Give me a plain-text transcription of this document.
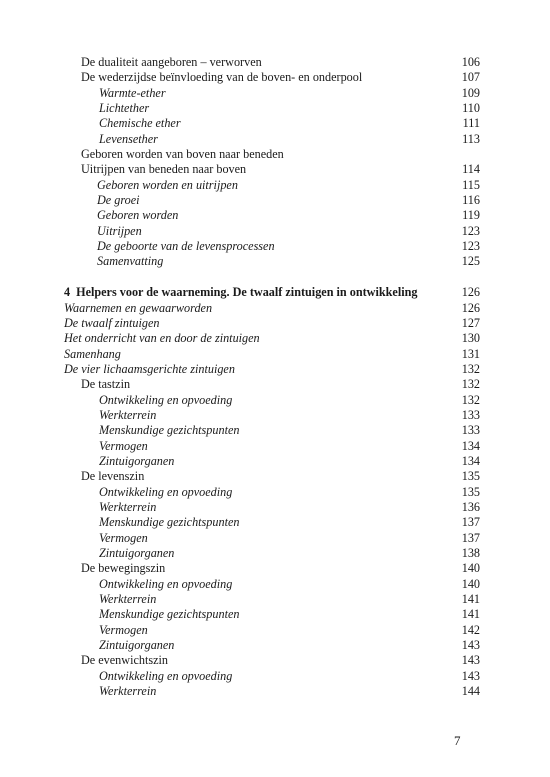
De dualiteit aangeboren – verworven	106
De wederzijdse beïnvloeding van de boven- en onderpool	107
Warmte-ether	109
Lichtether	110
Chemische ether	111
Levensether	113
Geboren worden van boven naar beneden
Uitrijpen van beneden naar boven	114
Geboren worden en uitrijpen	115
De groei	116
Geboren worden	119
Uitrijpen	123
De geboorte van de levensprocessen	123
Samenvatting	125
4 Helpers voor de waarneming. De twaalf zintuigen in ontwikkeling	126
Waarnemen en gewaarworden	126
De twaalf zintuigen	127
Het onderricht van en door de zintuigen	130
Samenhang	131
De vier lichaamsgerichte zintuigen	132
De tastzin	132
Ontwikkeling en opvoeding	132
Werkterrein	133
Menskundige gezichtspunten	133
Vermogen	134
Zintuigorganen	134
De levenszin	135
Ontwikkeling en opvoeding	135
Werkterrein	136
Menskundige gezichtspunten	137
Vermogen	137
Zintuigorganen	138
De bewegingszin	140
Ontwikkeling en opvoeding	140
Werkterrein	141
Menskundige gezichtspunten	141
Vermogen	142
Zintuigorganen	143
De evenwichtszin	143
Ontwikkeling en opvoeding	143
Werkterrein	144
7
